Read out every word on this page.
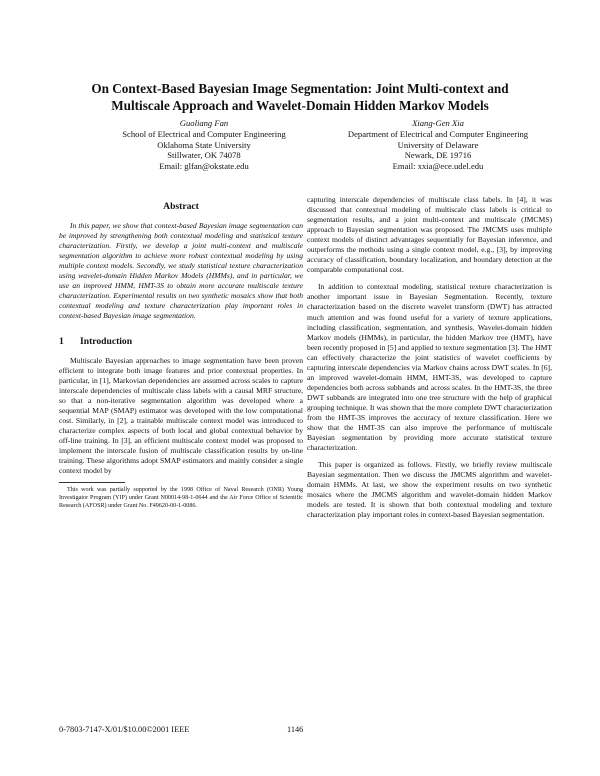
On Context-Based Bayesian Image Segmentation: Joint Multi-context and
Multiscale Approach and Wavelet-Domain Hidden Markov Models
Guoliang Fan
School of Electrical and Computer Engineering
Oklahoma State University
Stillwater, OK 74078
Email: glfan@okstate.edu
Xiang-Gen Xia
Department of Electrical and Computer Engineering
University of Delaware
Newark, DE 19716
Email: xxia@ece.udel.edu
Abstract

In this paper, we show that context-based Bayesian image segmentation can be improved by strengthening both contextual modeling and statistical texture characterization. Firstly, we develop a joint multi-context and multiscale segmentation algorithm to achieve more robust contextual modeling by using multiple context models. Secondly, we study statistical texture characterization using wavelet-domain Hidden Markov Models (HMMs), and in particular, we use an improved HMM, HMT-3S to obtain more accurate multiscale texture characterization. Experimental results on two synthetic mosaics show that both contextual modeling and texture characterization play important roles in context-based Bayesian image segmentation.

1 Introduction

Multiscale Bayesian approaches to image segmentation have been proven efficient to integrate both image features and prior contextual properties. In particular, in [1], Markovian dependencies are assumed across scales to capture interscale dependencies of multiscale class labels with a causal MRF structure, so that a non-iterative segmentation algorithm was developed where a sequential MAP (SMAP) estimator was developed with the low computational cost. Similarly, in [2], a trainable multiscale context model was introduced to characterize complex aspects of both local and global contextual behavior by off-line training. In [3], an efficient multiscale context model was proposed to implement the interscale fusion of multiscale classification results by on-line training. These algorithms adopt SMAP estimators and mainly consider a single context model by

This work was partially supported by the 1998 Office of Naval Research (ONR) Young Investigator Program (YIP) under Grant N00014-98-1-0644 and the Air Force Office of Scientific Research (AFOSR) under Grant No. F49620-00-1-0086.

capturing interscale dependencies of multiscale class labels. In [4], it was discussed that contextual modeling of multiscale class labels is critical to segmentation results, and a joint multi-context and multiscale (JMCMS) approach to Bayesian segmentation was proposed. The JMCMS uses multiple context models of distinct advantages sequentially for Bayesian inference, and outperforms the methods using a single context model, e.g., [3], by improving accuracy of classification, boundary localization, and boundary detection at the comparable computational cost.

In addition to contextual modeling, statistical texture characterization is another important issue in Bayesian Segmentation. Recently, texture characterization based on the discrete wavelet transform (DWT) has attracted much attention and was found useful for a variety of texture applications, including classification, segmentation, and synthesis. Wavelet-domain hidden Markov models (HMMs), in particular, the hidden Markov tree (HMT), have been recently proposed in [5] and applied to texture segmentation [3]. The HMT can effectively characterize the joint statistics of wavelet coefficients by capturing interscale dependencies via Markov chains across DWT scales. In [6], an improved wavelet-domain HMM, HMT-3S, was developed to capture dependencies both across subbands and across scales. In the HMT-3S, the three DWT subbands are integrated into one tree structure with the help of graphical grouping technique. It was shown that the more complete DWT characterization from the HMT-3S improves the accuracy of texture classification. Here we show that the HMT-3S can also improve the performance of multiscale Bayesian segmentation by providing more accurate statistical texture characterization.

This paper is organized as follows. Firstly, we briefly review multiscale Bayesian segmentation. Then we discuss the JMCMS algorithm and wavelet-domain HMMs. At last, we show the experiment results on two synthetic mosaics where the JMCMS algorithm and wavelet-domain hidden Markov models are tested. It is shown that both contextual modeling and texture characterization play important roles in context-based Bayesian segmentation.

0-7803-7147-X/01/$10.00©2001 IEEE	1146
